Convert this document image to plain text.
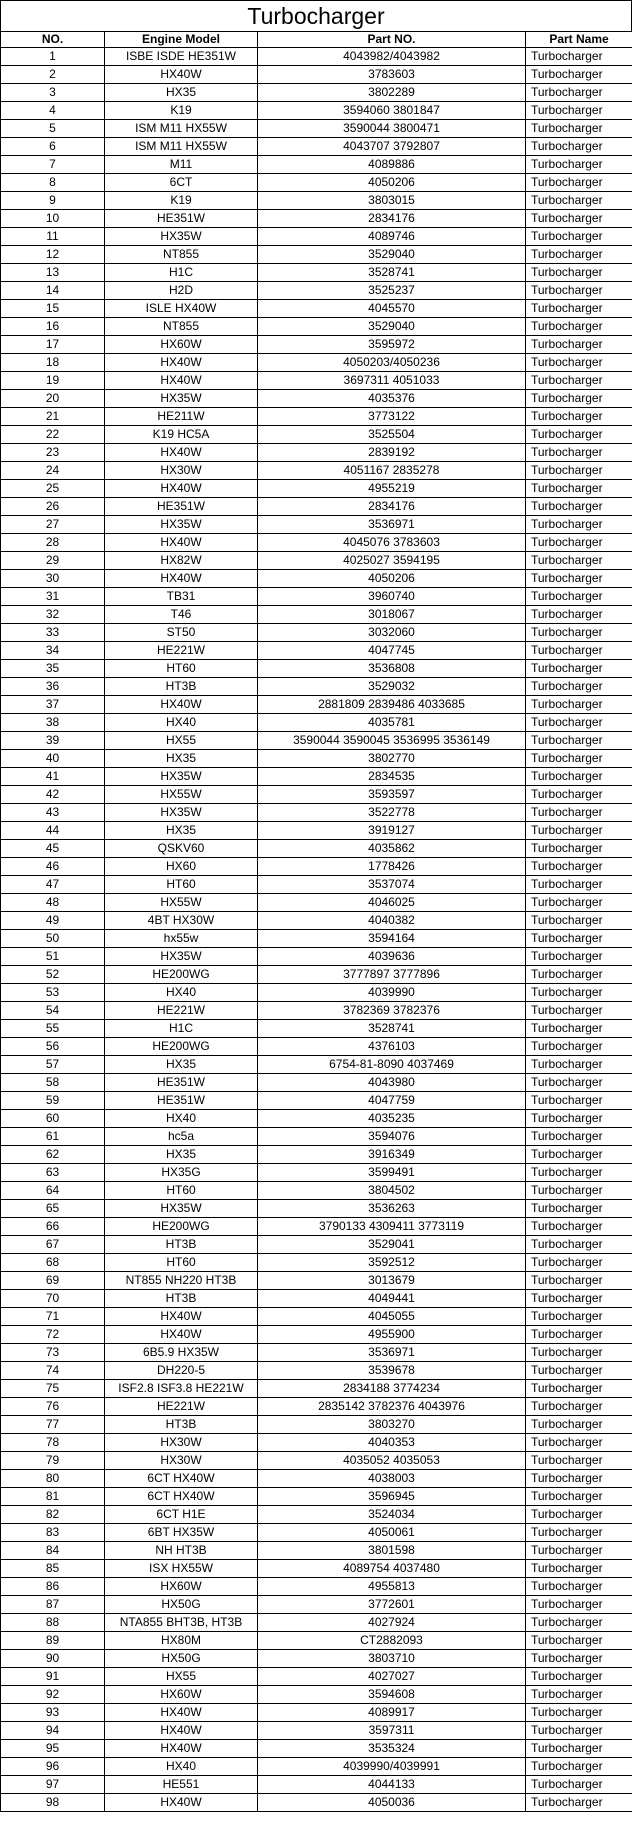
Turbocharger
NO.	Engine Model	Part NO.	Part Name
1	ISBE ISDE HE351W	4043982/4043982	Turbocharger
2	HX40W	3783603	Turbocharger
3	HX35	3802289	Turbocharger
4	K19	3594060 3801847	Turbocharger
5	ISM M11 HX55W	3590044 3800471	Turbocharger
6	ISM M11 HX55W	4043707 3792807	Turbocharger
7	M11	4089886	Turbocharger
8	6CT	4050206	Turbocharger
9	K19	3803015	Turbocharger
10	HE351W	2834176	Turbocharger
11	HX35W	4089746	Turbocharger
12	NT855	3529040	Turbocharger
13	H1C	3528741	Turbocharger
14	H2D	3525237	Turbocharger
15	ISLE HX40W	4045570	Turbocharger
16	NT855	3529040	Turbocharger
17	HX60W	3595972	Turbocharger
18	HX40W	4050203/4050236	Turbocharger
19	HX40W	3697311 4051033	Turbocharger
20	HX35W	4035376	Turbocharger
21	HE211W	3773122	Turbocharger
22	K19 HC5A	3525504	Turbocharger
23	HX40W	2839192	Turbocharger
24	HX30W	4051167 2835278	Turbocharger
25	HX40W	4955219	Turbocharger
26	HE351W	2834176	Turbocharger
27	HX35W	3536971	Turbocharger
28	HX40W	4045076 3783603	Turbocharger
29	HX82W	4025027 3594195	Turbocharger
30	HX40W	4050206	Turbocharger
31	TB31	3960740	Turbocharger
32	T46	3018067	Turbocharger
33	ST50	3032060	Turbocharger
34	HE221W	4047745	Turbocharger
35	HT60	3536808	Turbocharger
36	HT3B	3529032	Turbocharger
37	HX40W	2881809 2839486 4033685	Turbocharger
38	HX40	4035781	Turbocharger
39	HX55	3590044 3590045 3536995 3536149	Turbocharger
40	HX35	3802770	Turbocharger
41	HX35W	2834535	Turbocharger
42	HX55W	3593597	Turbocharger
43	HX35W	3522778	Turbocharger
44	HX35	3919127	Turbocharger
45	QSKV60	4035862	Turbocharger
46	HX60	1778426	Turbocharger
47	HT60	3537074	Turbocharger
48	HX55W	4046025	Turbocharger
49	4BT HX30W	4040382	Turbocharger
50	hx55w	3594164	Turbocharger
51	HX35W	4039636	Turbocharger
52	HE200WG	3777897 3777896	Turbocharger
53	HX40	4039990	Turbocharger
54	HE221W	3782369 3782376	Turbocharger
55	H1C	3528741	Turbocharger
56	HE200WG	4376103	Turbocharger
57	HX35	6754-81-8090 4037469	Turbocharger
58	HE351W	4043980	Turbocharger
59	HE351W	4047759	Turbocharger
60	HX40	4035235	Turbocharger
61	hc5a	3594076	Turbocharger
62	HX35	3916349	Turbocharger
63	HX35G	3599491	Turbocharger
64	HT60	3804502	Turbocharger
65	HX35W	3536263	Turbocharger
66	HE200WG	3790133 4309411 3773119	Turbocharger
67	HT3B	3529041	Turbocharger
68	HT60	3592512	Turbocharger
69	NT855 NH220 HT3B	3013679	Turbocharger
70	HT3B	4049441	Turbocharger
71	HX40W	4045055	Turbocharger
72	HX40W	4955900	Turbocharger
73	6B5.9 HX35W	3536971	Turbocharger
74	DH220-5	3539678	Turbocharger
75	ISF2.8 ISF3.8 HE221W	2834188 3774234	Turbocharger
76	HE221W	2835142 3782376 4043976	Turbocharger
77	HT3B	3803270	Turbocharger
78	HX30W	4040353	Turbocharger
79	HX30W	4035052 4035053	Turbocharger
80	6CT HX40W	4038003	Turbocharger
81	6CT HX40W	3596945	Turbocharger
82	6CT H1E	3524034	Turbocharger
83	6BT HX35W	4050061	Turbocharger
84	NH HT3B	3801598	Turbocharger
85	ISX HX55W	4089754 4037480	Turbocharger
86	HX60W	4955813	Turbocharger
87	HX50G	3772601	Turbocharger
88	NTA855 BHT3B, HT3B	4027924	Turbocharger
89	HX80M	CT2882093	Turbocharger
90	HX50G	3803710	Turbocharger
91	HX55	4027027	Turbocharger
92	HX60W	3594608	Turbocharger
93	HX40W	4089917	Turbocharger
94	HX40W	3597311	Turbocharger
95	HX40W	3535324	Turbocharger
96	HX40	4039990/4039991	Turbocharger
97	HE551	4044133	Turbocharger
98	HX40W	4050036	Turbocharger
